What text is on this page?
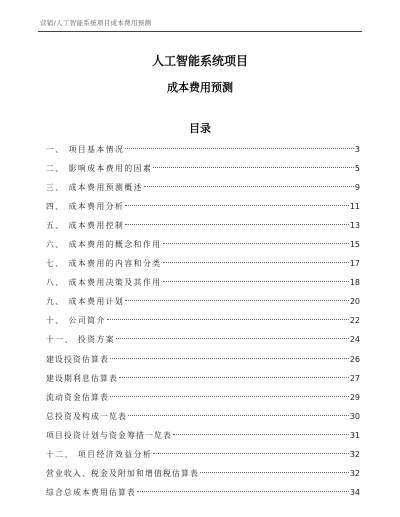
营销/人工智能系统项目成本费用预测
人工智能系统项目
成本费用预测
目录
一、 项目基本情况	3
二、 影响成本费用的因素	5
三、 成本费用预测概述	9
四、 成本费用分析	11
五、 成本费用控制	13
六、 成本费用的概念和作用	15
七、 成本费用的内容和分类	17
八、 成本费用决策及其作用	18
九、 成本费用计划	20
十、 公司简介	22
十一、 投资方案	24
建设投资估算表	26
建设期利息估算表	27
流动资金估算表	29
总投资及构成一览表	30
项目投资计划与资金筹措一览表	31
十二、 项目经济效益分析	32
营业收入、税金及附加和增值税估算表	32
综合总成本费用估算表	34
